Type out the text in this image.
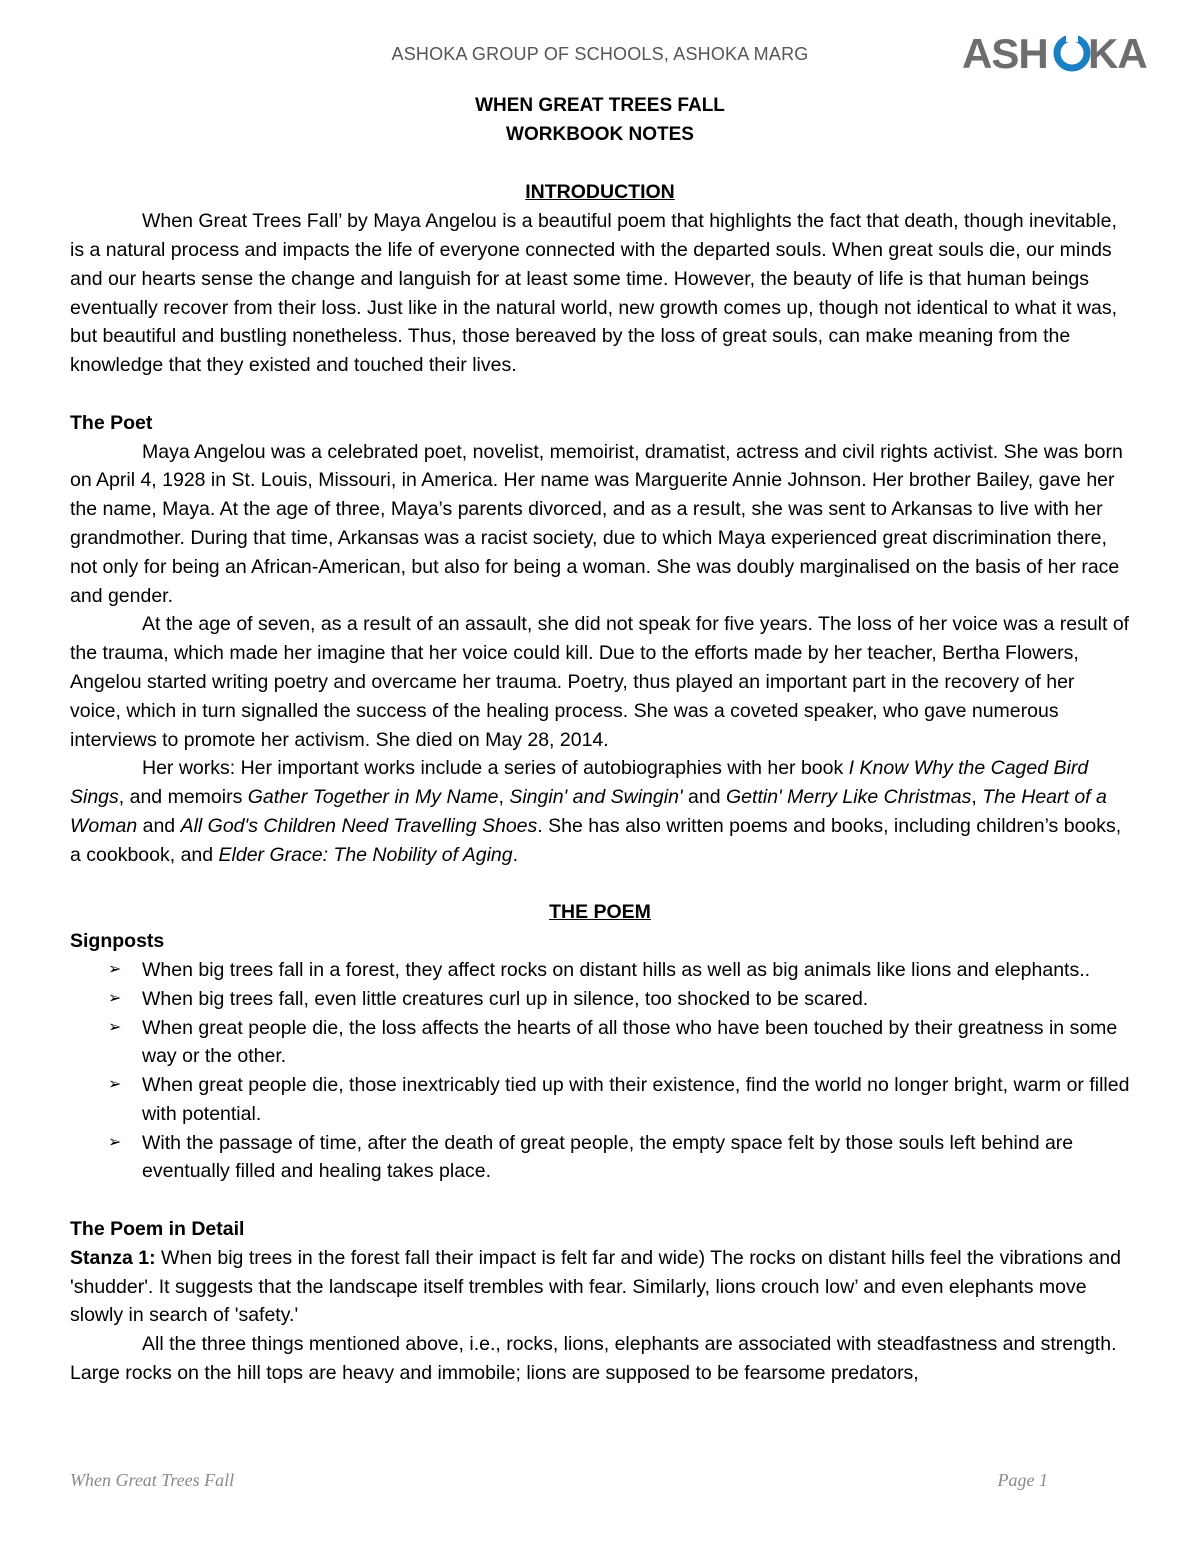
ASHOKA GROUP OF SCHOOLS, ASHOKA MARG	ASH KA

WHEN GREAT TREES FALL

WORKBOOK NOTES

INTRODUCTION

When Great Trees Fall’ by Maya Angelou is a beautiful poem that highlights the fact that death, though inevitable, is a natural process and impacts the life of everyone connected with the departed souls. When great souls die, our minds and our hearts sense the change and languish for at least some time. However, the beauty of life is that human beings eventually recover from their loss. Just like in the natural world, new growth comes up, though not identical to what it was, but beautiful and bustling nonetheless. Thus, those bereaved by the loss of great souls, can make meaning from the knowledge that they existed and touched their lives.

The Poet

Maya Angelou was a celebrated poet, novelist, memoirist, dramatist, actress and civil rights activist. She was born on April 4, 1928 in St. Louis, Missouri, in America. Her name was Marguerite Annie Johnson. Her brother Bailey, gave her the name, Maya. At the age of three, Maya’s parents divorced, and as a result, she was sent to Arkansas to live with her grandmother. During that time, Arkansas was a racist society, due to which Maya experienced great discrimination there, not only for being an African-American, but also for being a woman. She was doubly marginalised on the basis of her race and gender.

At the age of seven, as a result of an assault, she did not speak for five years. The loss of her voice was a result of the trauma, which made her imagine that her voice could kill. Due to the efforts made by her teacher, Bertha Flowers, Angelou started writing poetry and overcame her trauma. Poetry, thus played an important part in the recovery of her voice, which in turn signalled the success of the healing process. She was a coveted speaker, who gave numerous interviews to promote her activism. She died on May 28, 2014.

Her works: Her important works include a series of autobiographies with her book I Know Why the Caged Bird Sings, and memoirs Gather Together in My Name, Singin' and Swingin' and Gettin' Merry Like Christmas, The Heart of a Woman and All God's Children Need Travelling Shoes. She has also written poems and books, including children’s books, a cookbook, and Elder Grace: The Nobility of Aging.

THE POEM

Signposts

➢ When big trees fall in a forest, they affect rocks on distant hills as well as big animals like lions and elephants..
➢ When big trees fall, even little creatures curl up in silence, too shocked to be scared.
➢ When great people die, the loss affects the hearts of all those who have been touched by their greatness in some way or the other.
➢ When great people die, those inextricably tied up with their existence, find the world no longer bright, warm or filled with potential.
➢ With the passage of time, after the death of great people, the empty space felt by those souls left behind are eventually filled and healing takes place.

The Poem in Detail

Stanza 1: When big trees in the forest fall their impact is felt far and wide) The rocks on distant hills feel the vibrations and 'shudder'. It suggests that the landscape itself trembles with fear. Similarly, lions crouch low’ and even elephants move slowly in search of 'safety.'

All the three things mentioned above, i.e., rocks, lions, elephants are associated with steadfastness and strength. Large rocks on the hill tops are heavy and immobile; lions are supposed to be fearsome predators,

When Great Trees Fall	Page 1
